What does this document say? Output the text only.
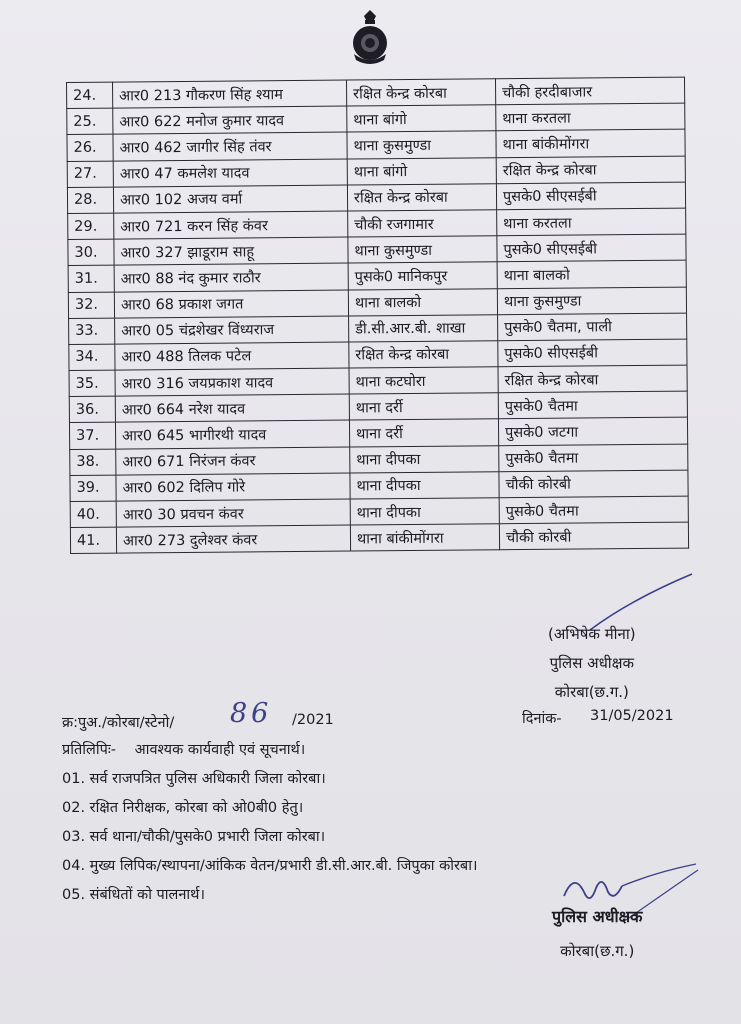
24.	आर0 213 गौकरण सिंह श्याम	रक्षित केन्द्र कोरबा	चौकी हरदीबाजार
25.	आर0 622 मनोज कुमार यादव	थाना बांगो	थाना करतला
26.	आर0 462 जागीर सिंह तंवर	थाना कुसमुण्डा	थाना बांकीमोंगरा
27.	आर0 47 कमलेश यादव	थाना बांगो	रक्षित केन्द्र कोरबा
28.	आर0 102 अजय वर्मा	रक्षित केन्द्र कोरबा	पुसके0 सीएसईबी
29.	आर0 721 करन सिंह कंवर	चौकी रजगामार	थाना करतला
30.	आर0 327 झाडूराम साहू	थाना कुसमुण्डा	पुसके0 सीएसईबी
31.	आर0 88 नंद कुमार राठौर	पुसके0 मानिकपुर	थाना बालको
32.	आर0 68 प्रकाश जगत	थाना बालको	थाना कुसमुण्डा
33.	आर0 05 चंद्रशेखर विंध्यराज	डी.सी.आर.बी. शाखा	पुसके0 चैतमा, पाली
34.	आर0 488 तिलक पटेल	रक्षित केन्द्र कोरबा	पुसके0 सीएसईबी
35.	आर0 316 जयप्रकाश यादव	थाना कटघोरा	रक्षित केन्द्र कोरबा
36.	आर0 664 नरेश यादव	थाना दर्री	पुसके0 चैतमा
37.	आर0 645 भागीरथी यादव	थाना दर्री	पुसके0 जटगा
38.	आर0 671 निरंजन कंवर	थाना दीपका	पुसके0 चैतमा
39.	आर0 602 दिलिप गोरे	थाना दीपका	चौकी कोरबी
40.	आर0 30 प्रवचन कंवर	थाना दीपका	पुसके0 चैतमा
41.	आर0 273 दुलेश्वर कंवर	थाना बांकीमोंगरा	चौकी कोरबी
(अभिषेक मीना)
पुलिस अधीक्षक
कोरबा(छ.ग.)
क्र:पुअ./कोरबा/स्टेनो/ 86 /2021	दिनांक- 31/05/2021
प्रतिलिपिः- आवश्यक कार्यवाही एवं सूचनार्थ।
01. सर्व राजपत्रित पुलिस अधिकारी जिला कोरबा।
02. रक्षित निरीक्षक, कोरबा को ओ0बी0 हेतु।
03. सर्व थाना/चौकी/पुसके0 प्रभारी जिला कोरबा।
04. मुख्य लिपिक/स्थापना/आंकिक वेतन/प्रभारी डी.सी.आर.बी. जिपुका कोरबा।
05. संबंधितों को पालनार्थ।
पुलिस अधीक्षक
कोरबा(छ.ग.)
